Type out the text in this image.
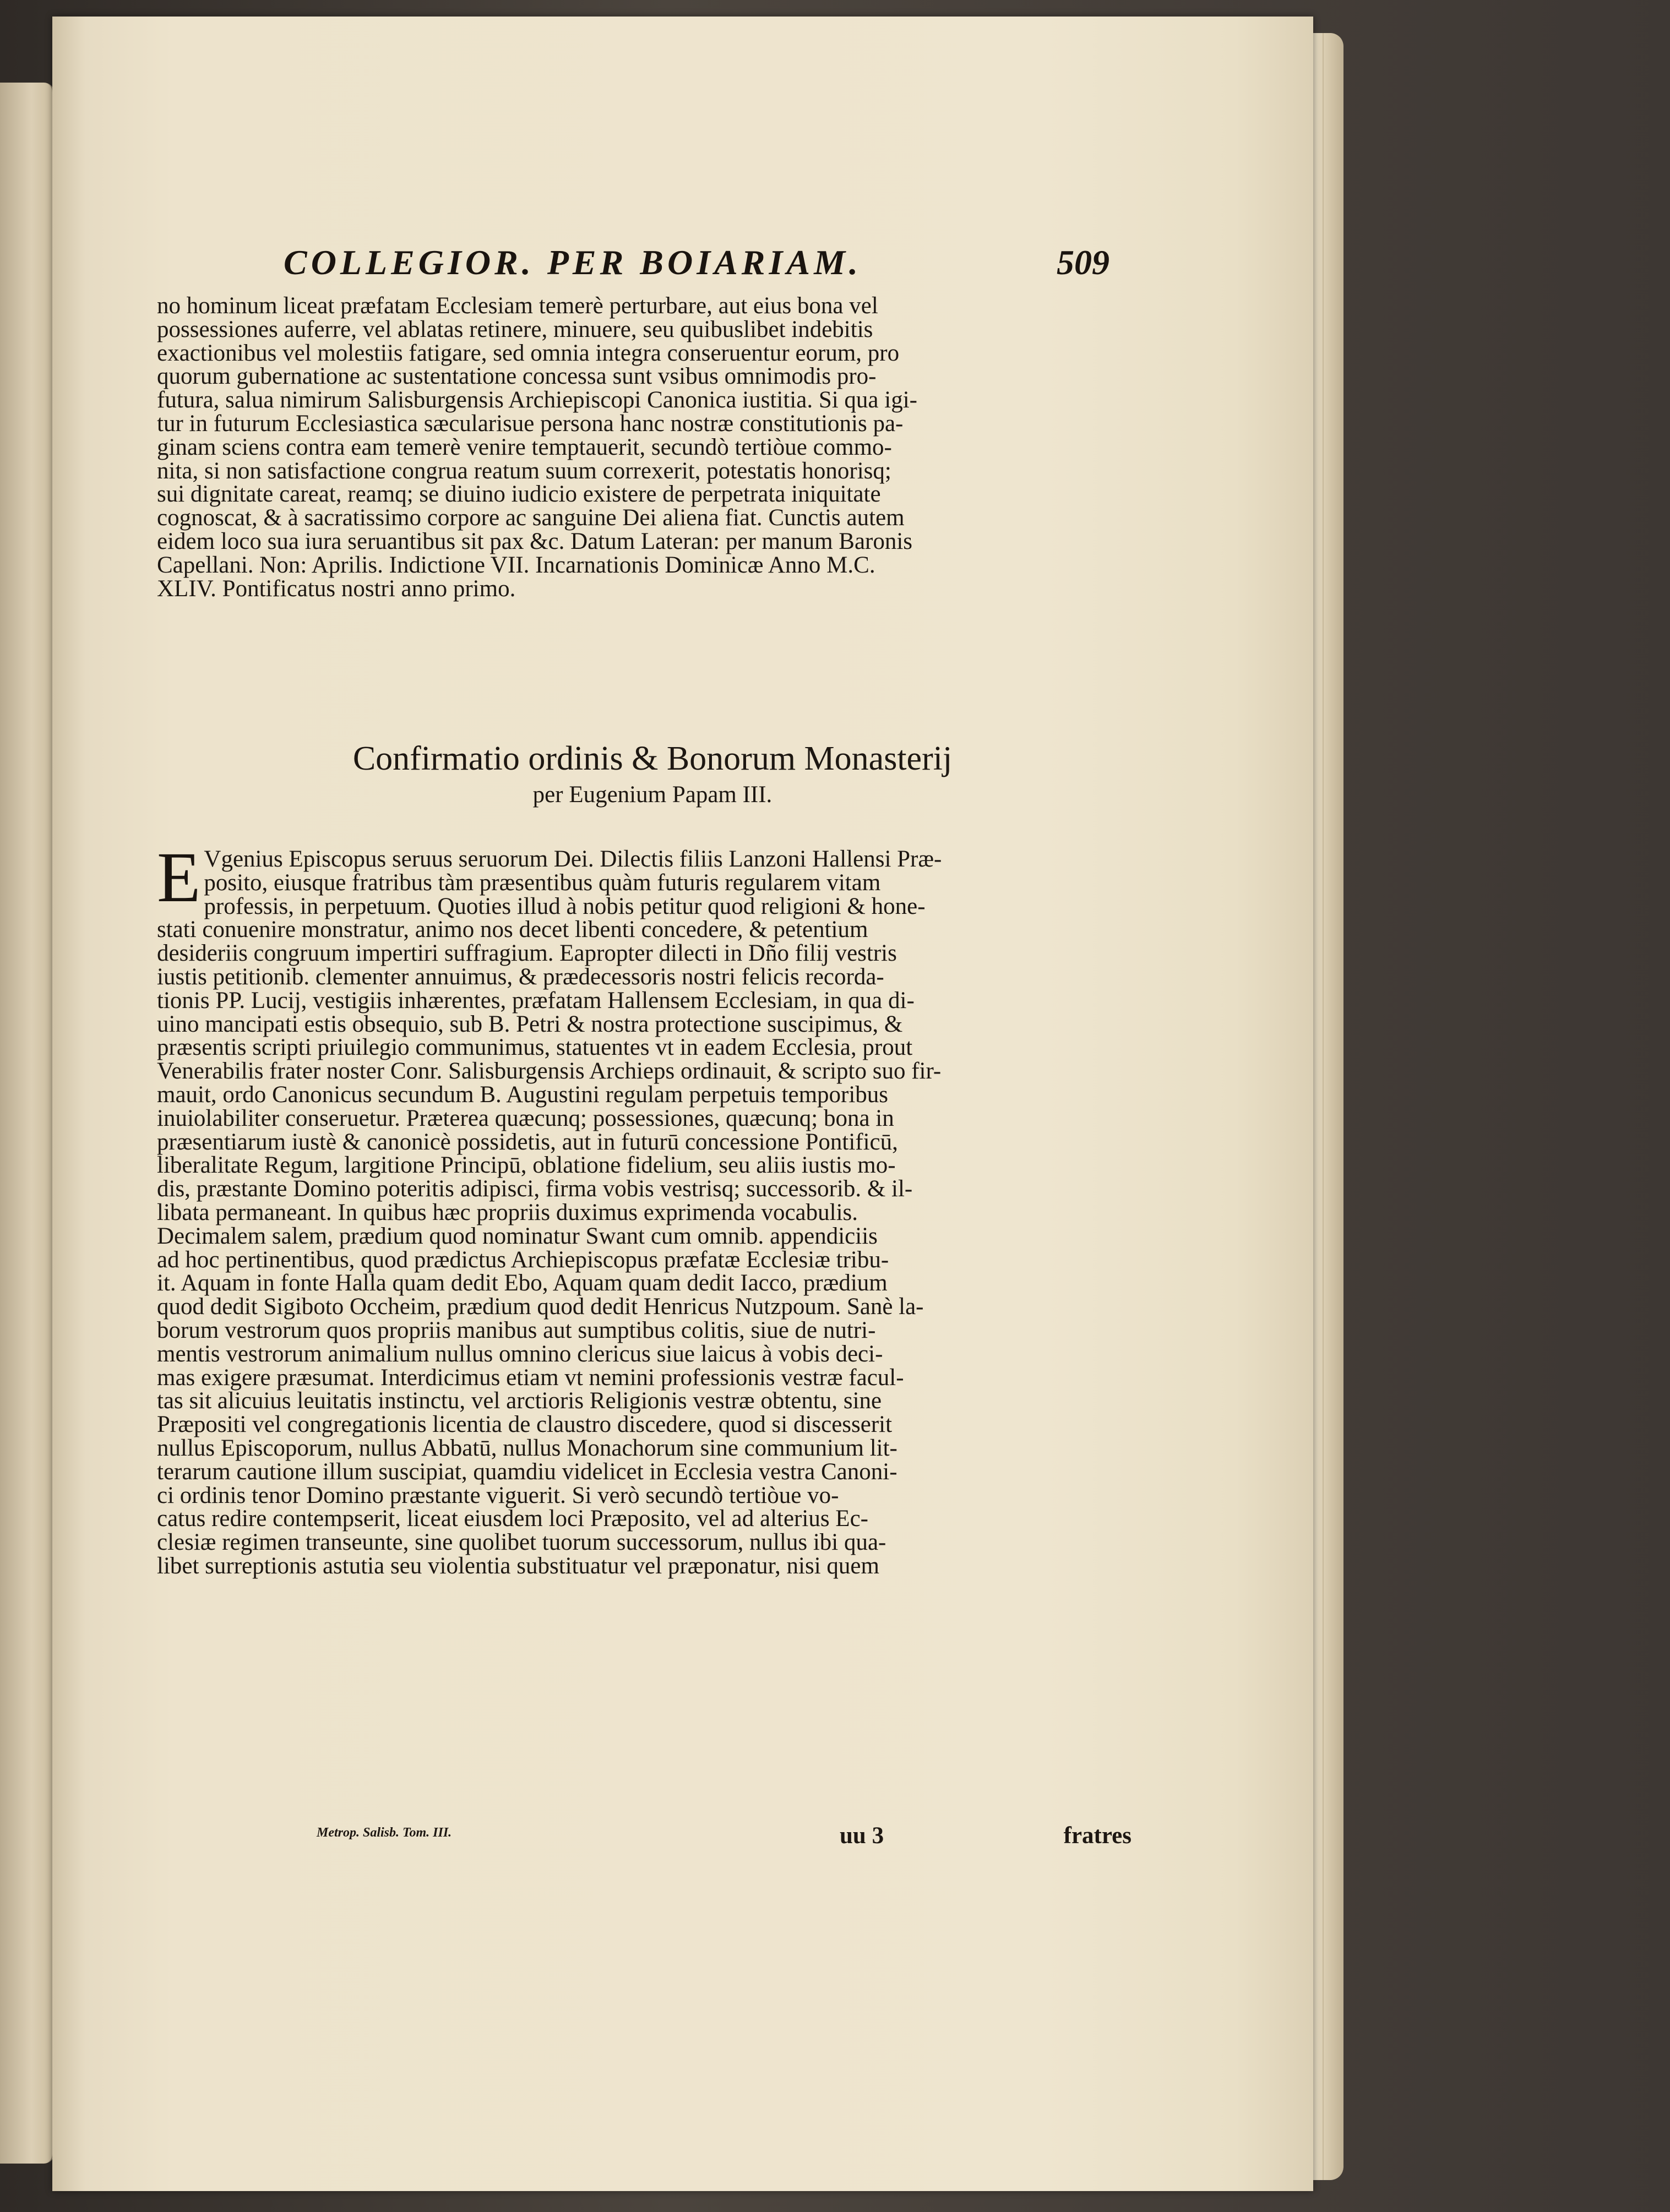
COLLEGIOR. PER BOIARIAM.	509
no hominum liceat præfatam Ecclesiam temerè perturbare, aut eius bona vel
possessiones auferre, vel ablatas retinere, minuere, seu quibuslibet indebitis
exactionibus vel molestiis fatigare, sed omnia integra conseruentur eorum, pro
quorum gubernatione ac sustentatione concessa sunt vsibus omnimodis pro-
futura, salua nimirum Salisburgensis Archiepiscopi Canonica iustitia. Si qua igi-
tur in futurum Ecclesiastica sæcularisue persona hanc nostræ constitutionis pa-
ginam sciens contra eam temerè venire temptauerit, secundò tertiòue commo-
nita, si non satisfactione congrua reatum suum correxerit, potestatis honorisq;
sui dignitate careat, reamq; se diuino iudicio existere de perpetrata iniquitate
cognoscat, & à sacratissimo corpore ac sanguine Dei aliena fiat. Cunctis autem
eidem loco sua iura seruantibus sit pax &c. Datum Lateran: per manum Baronis
Capellani. Non: Aprilis. Indictione VII. Incarnationis Dominicæ Anno M.C.
XLIV. Pontificatus nostri anno primo.
Confirmatio ordinis & Bonorum Monasterij
per Eugenium Papam III.
E Vgenius Episcopus seruus seruorum Dei. Dilectis filiis Lanzoni Hallensi Præ-
posito, eiusque fratribus tàm præsentibus quàm futuris regularem vitam
professis, in perpetuum. Quoties illud à nobis petitur quod religioni & hone-
stati conuenire monstratur, animo nos decet libenti concedere, & petentium
desideriis congruum impertiri suffragium. Eapropter dilecti in Dño filij vestris
iustis petitionib. clementer annuimus, & prædecessoris nostri felicis recorda-
tionis PP. Lucij, vestigiis inhærentes, præfatam Hallensem Ecclesiam, in qua di-
uino mancipati estis obsequio, sub B. Petri & nostra protectione suscipimus, &
præsentis scripti priuilegio communimus, statuentes vt in eadem Ecclesia, prout
Venerabilis frater noster Conr. Salisburgensis Archieps ordinauit, & scripto suo fir-
mauit, ordo Canonicus secundum B. Augustini regulam perpetuis temporibus
inuiolabiliter conseruetur. Præterea quæcunq; possessiones, quæcunq; bona in
præsentiarum iustè & canonicè possidetis, aut in futurū concessione Pontificū,
liberalitate Regum, largitione Principū, oblatione fidelium, seu aliis iustis mo-
dis, præstante Domino poteritis adipisci, firma vobis vestrisq; successorib. & il-
libata permaneant. In quibus hæc propriis duximus exprimenda vocabulis.
Decimalem salem, prædium quod nominatur Swant cum omnib. appendiciis
ad hoc pertinentibus, quod prædictus Archiepiscopus præfatæ Ecclesiæ tribu-
it. Aquam in fonte Halla quam dedit Ebo, Aquam quam dedit Iacco, prædium
quod dedit Sigiboto Occheim, prædium quod dedit Henricus Nutzpoum. Sanè la-
borum vestrorum quos propriis manibus aut sumptibus colitis, siue de nutri-
mentis vestrorum animalium nullus omnino clericus siue laicus à vobis deci-
mas exigere præsumat. Interdicimus etiam vt nemini professionis vestræ facul-
tas sit alicuius leuitatis instinctu, vel arctioris Religionis vestræ obtentu, sine
Præpositi vel congregationis licentia de claustro discedere, quod si discesserit
nullus Episcoporum, nullus Abbatū, nullus Monachorum sine communium lit-
terarum cautione illum suscipiat, quamdiu videlicet in Ecclesia vestra Canoni-
ci ordinis tenor Domino præstante viguerit. Si verò secundò tertiòue vo-
catus redire contempserit, liceat eiusdem loci Præposito, vel ad alterius Ec-
clesiæ regimen transeunte, sine quolibet tuorum successorum, nullus ibi qua-
libet surreptionis astutia seu violentia substituatur vel præponatur, nisi quem
Metrop. Salisb. Tom. III.	uu 3	fratres
